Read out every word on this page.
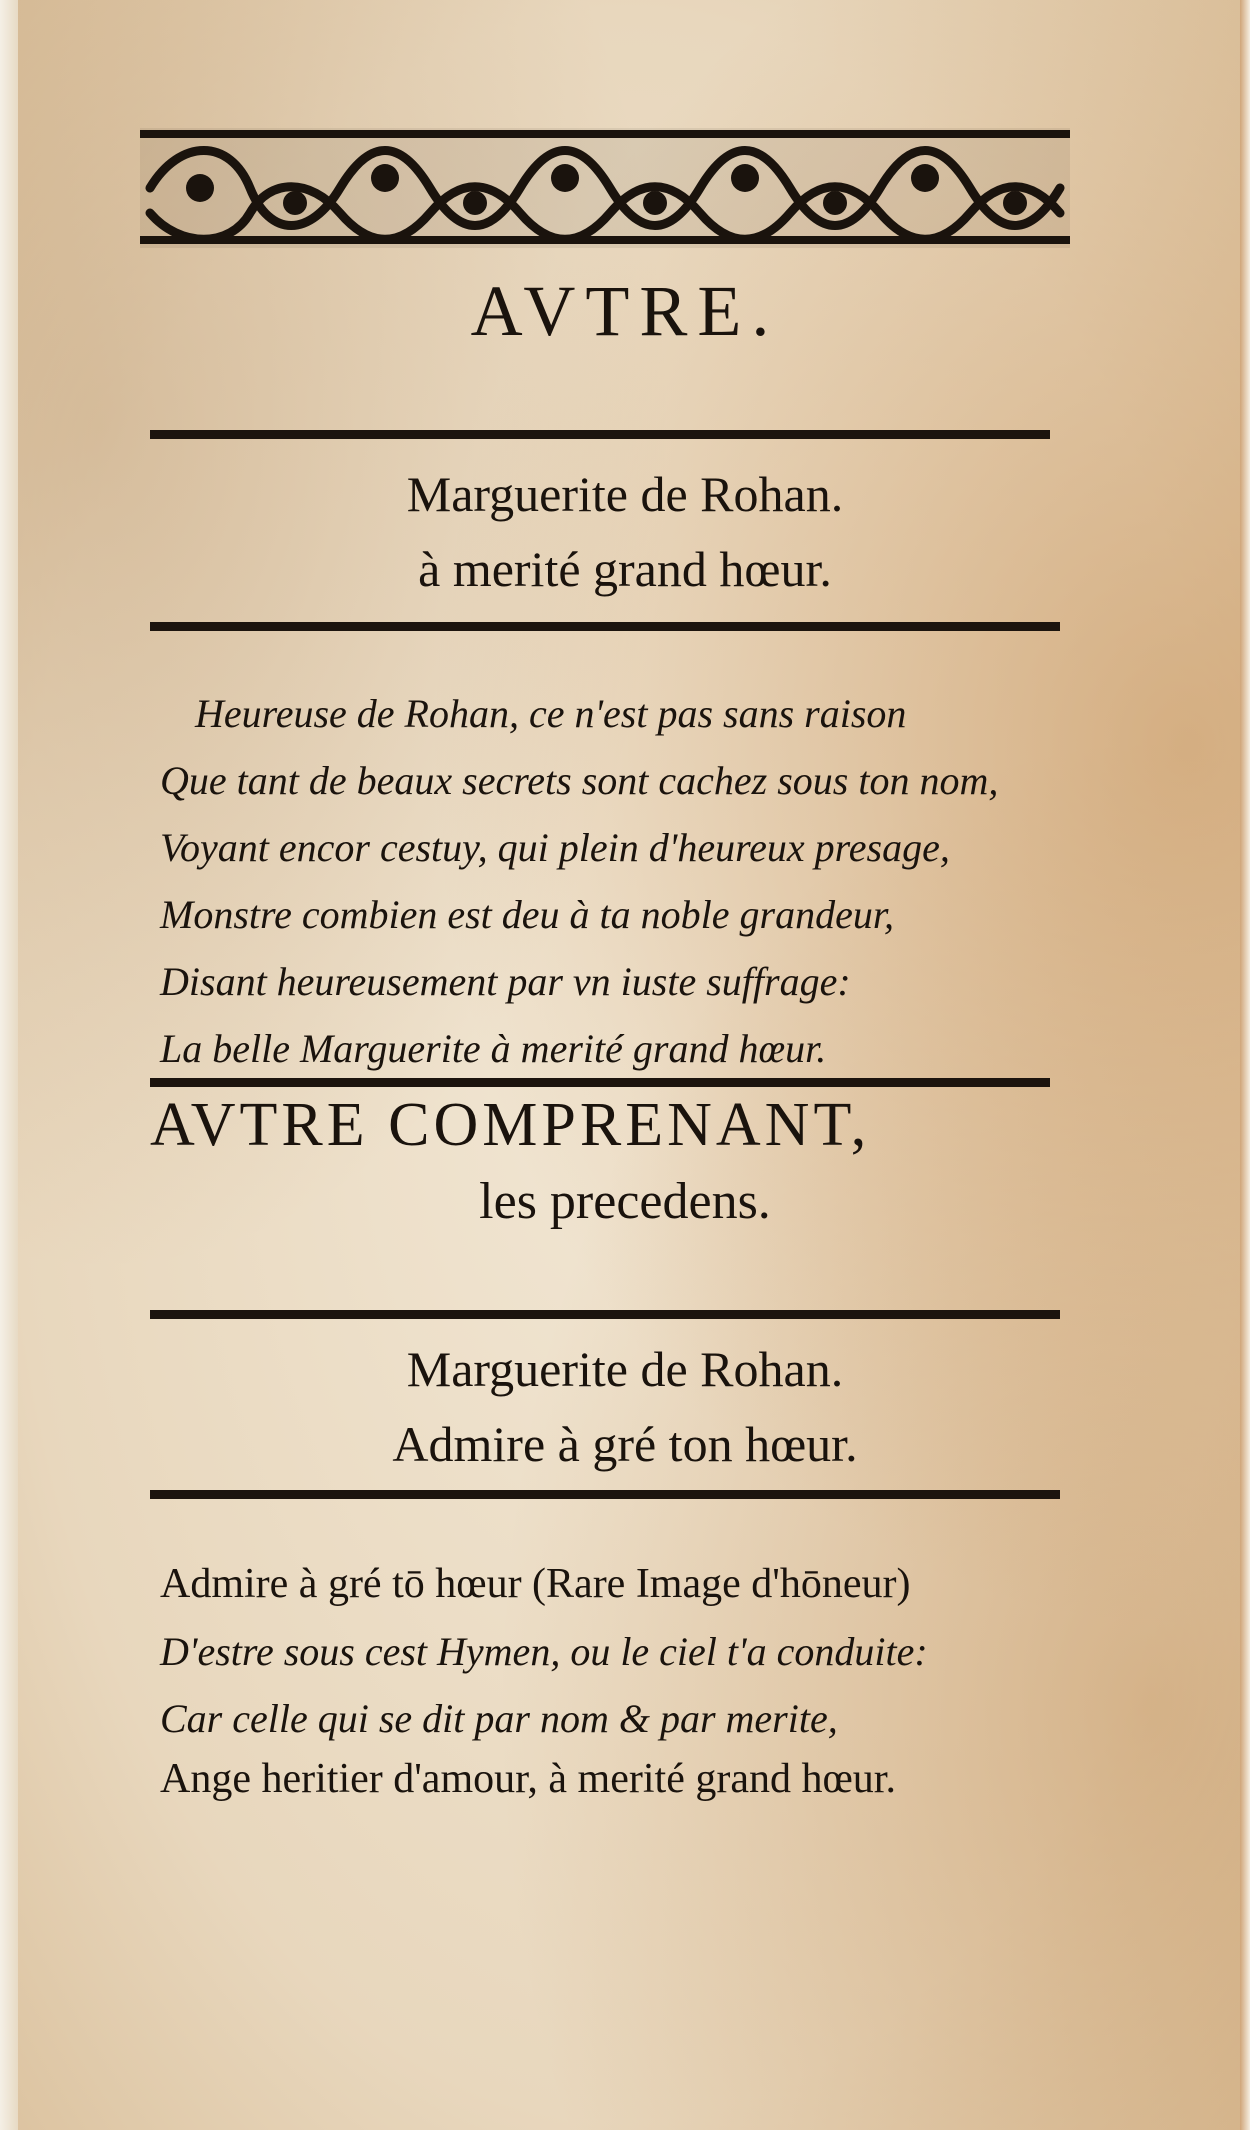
AVTRE.
Marguerite de Rohan.
à merité grand hœur.
Heureuse de Rohan, ce n'est pas sans raison
Que tant de beaux secrets sont cachez sous ton nom,
Voyant encor cestuy, qui plein d'heureux presage,
Monstre combien est deu à ta noble grandeur,
Disant heureusement par vn iuste suffrage:
La belle Marguerite à merité grand hœur.
AVTRE COMPRENANT,
les precedens.
Marguerite de Rohan.
Admire à gré ton hœur.
Admire à gré tō hœur (Rare Image d'hōneur)
D'estre sous cest Hymen, ou le ciel t'a conduite:
Car celle qui se dit par nom & par merite,
Ange heritier d'amour, à merité grand hœur.
